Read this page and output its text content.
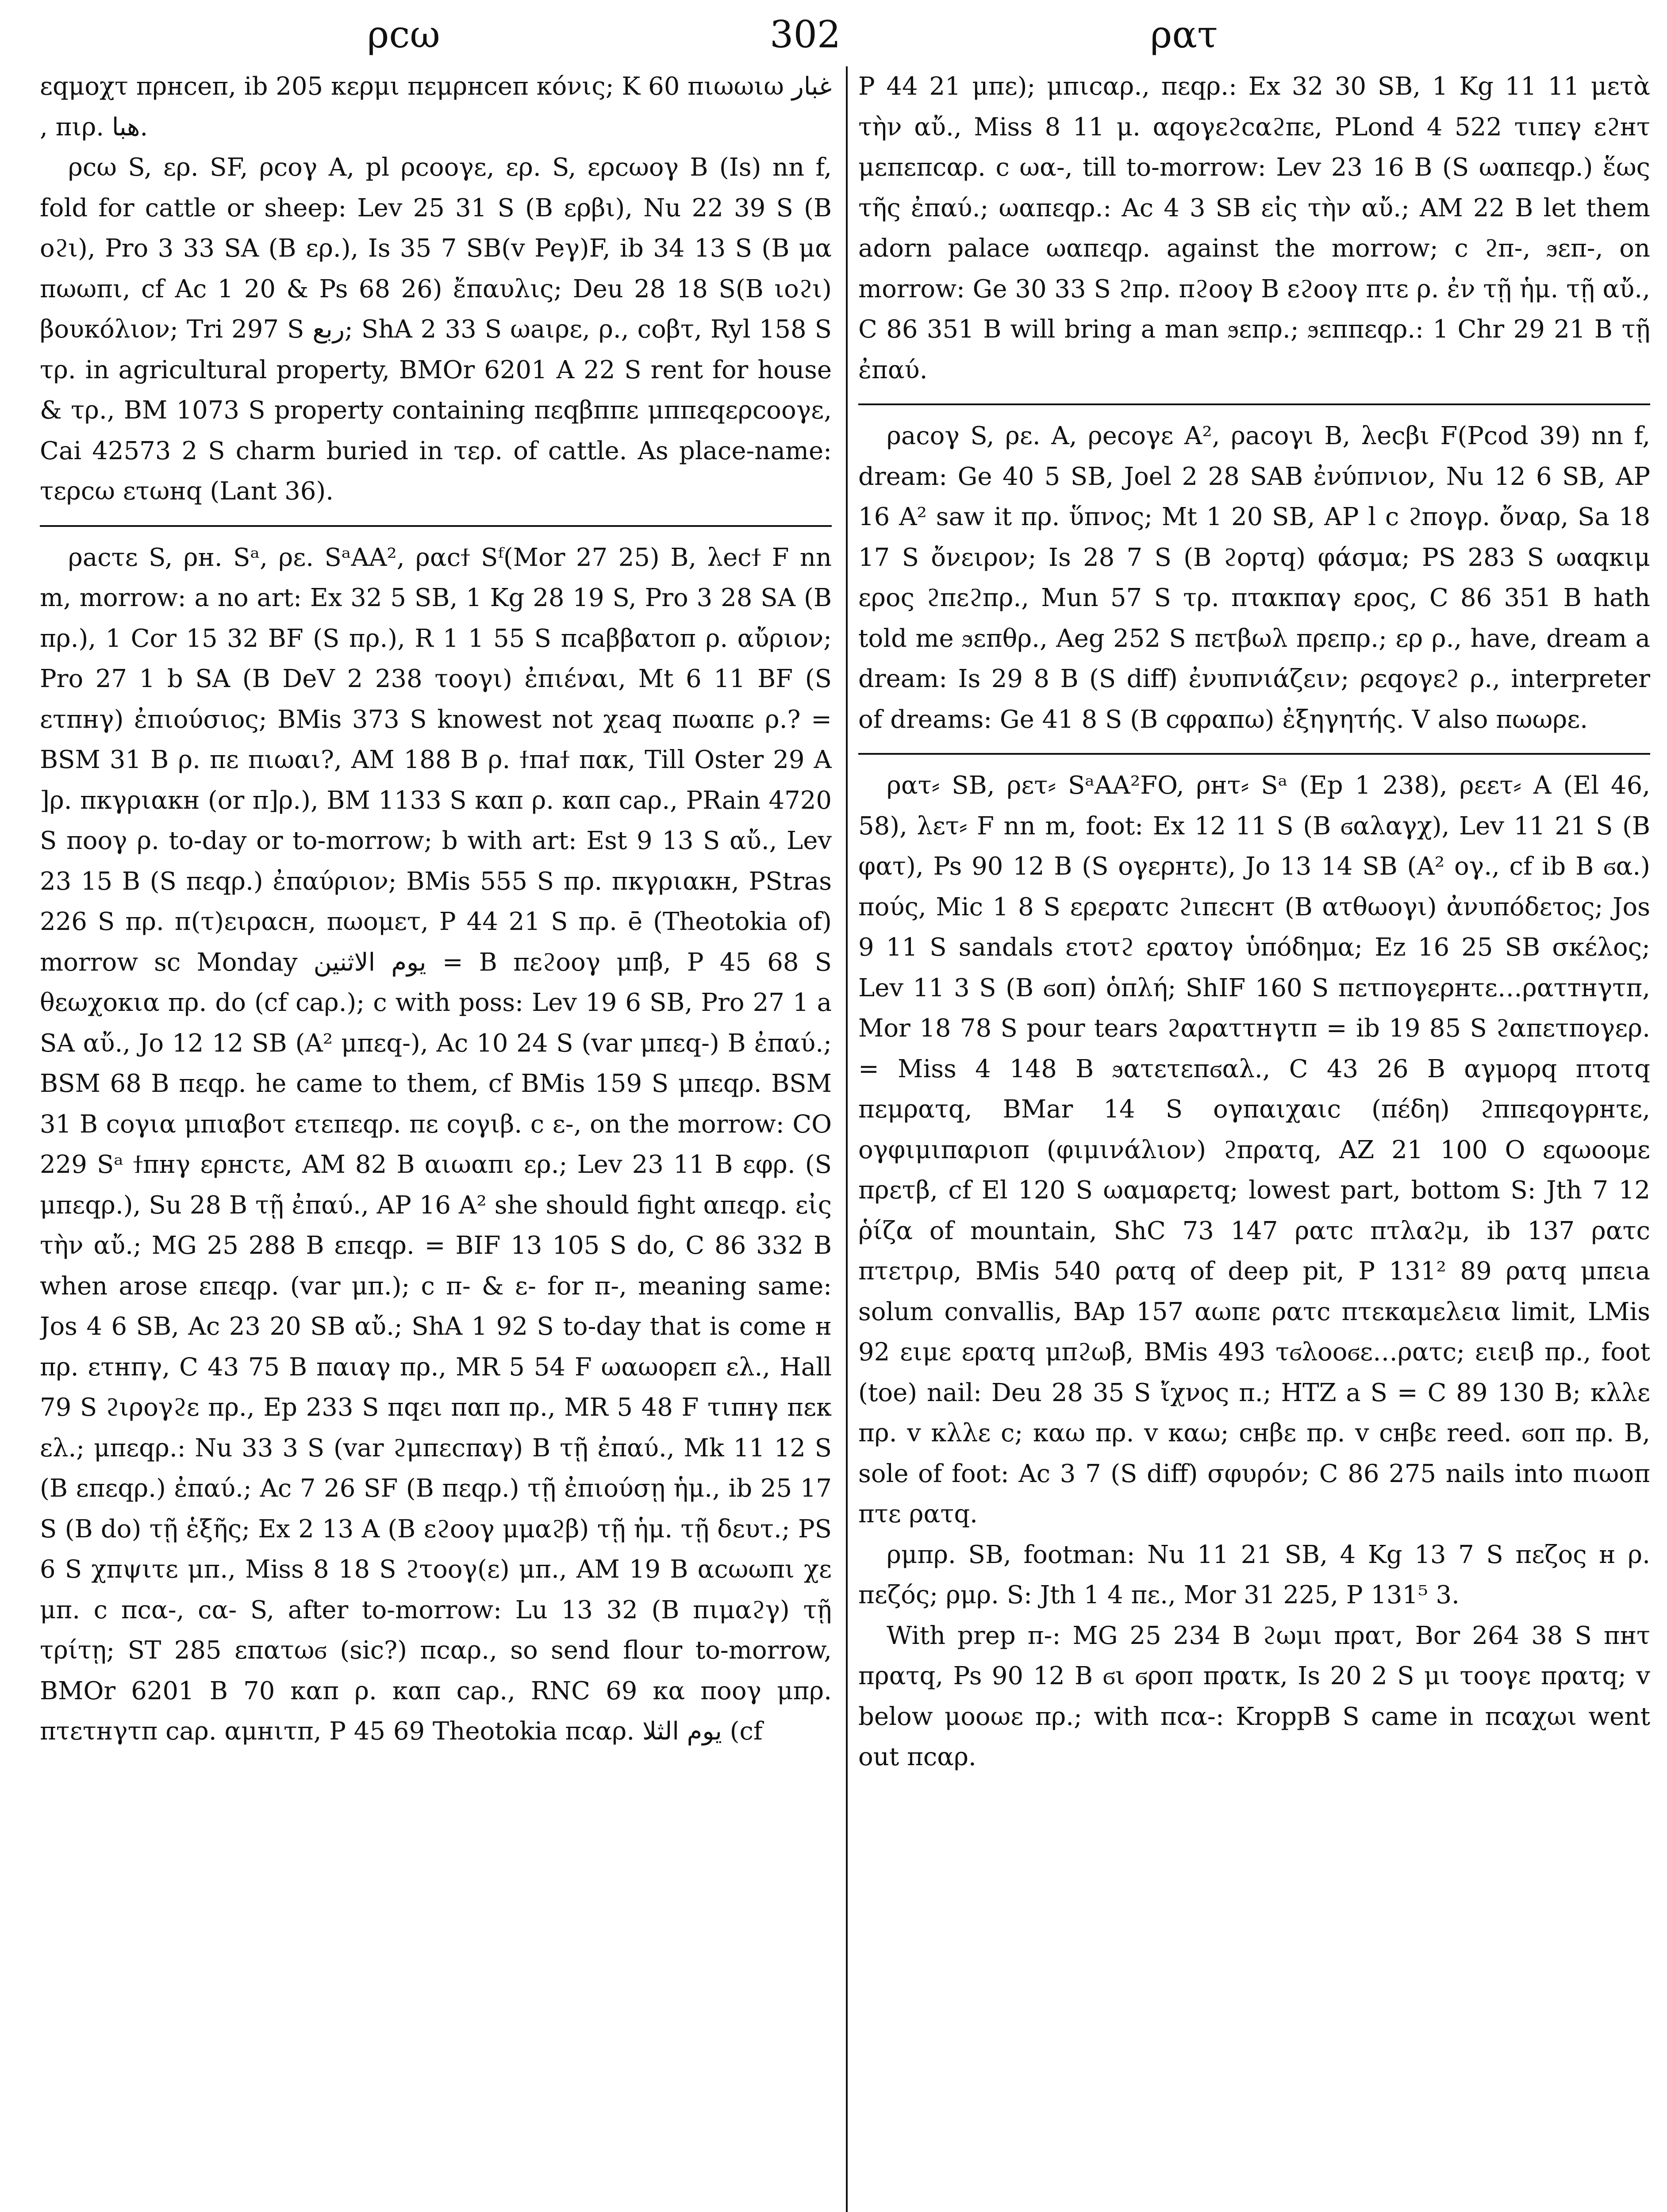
ρcω	302	ρατ

εqμοχτ πρнceπ, ib 205 κερμι πεμρнceπ κόνις; K 60 πιωωιω غبار , πιρ. هبا.

ρcω S, ερ. SF, ρcoγ A, pl ρcooγε, ερ. S, ερcωoγ B (Is) nn f, fold for cattle or sheep: Lev 25 31 S (B ερβι), Nu 22 39 S (B oϩι), Pro 3 33 SA (B ερ.), Is 35 7 SB(v Peγ)F, ib 34 13 S (B μα πωωπι, cf Ac 1 20 & Ps 68 26) ἔπαυλις; Deu 28 18 S(B ιoϩι) βουκόλιον; Tri 297 S ربع; ShA 2 33 S ωaιρε, ρ., coβτ, Ryl 158 S τρ. in agricultural property, BMOr 6201 A 22 S rent for house & τρ., BM 1073 S property containing πεqβππε μππεqερcooγε, Cai 42573 2 S charm buried in τερ. of cattle. As place-name: τερcω ετωнq (Lant 36).

ρacτε S, ρн. Sᵃ, ρε. SᵃAA², ραcϯ Sᶠ(Mor 27 25) B, λecϯ F nn m, morrow: a no art: Ex 32 5 SB, 1 Kg 28 19 S, Pro 3 28 SA (B πρ.), 1 Cor 15 32 BF (S πρ.), R 1 1 55 S πcaββατοπ ρ. αὔριον; Pro 27 1 b SA (B DeV 2 238 τοογι) ἐπιέναι, Mt 6 11 BF (S ετπнγ) ἐπιούσιος; BMis 373 S knowest not χεaq πωαπε ρ.? = BSM 31 B ρ. πε πιωαι?, AM 188 B ρ. ϯπaϯ πακ, Till Oster 29 A ]ρ. πκγριακн (or π]ρ.), BM 1133 S καπ ρ. καπ caρ., PRain 4720 S πooγ ρ. to-day or to-morrow; b with art: Est 9 13 S αὔ., Lev 23 15 B (S πεqρ.) ἐπαύριον; BMis 555 S πρ. πκγριακн, PStras 226 S πρ. π(τ)ειραcн, πωoμετ, P 44 21 S πρ. ē (Theotokia of) morrow sc Monday يوم الاثنين = B πεϩooγ μπβ, P 45 68 S θεωχoκια πρ. do (cf caρ.); c with poss: Lev 19 6 SB, Pro 27 1 a SA αὔ., Jo 12 12 SB (A² μπεq-), Ac 10 24 S (var μπεq-) B ἐπαύ.; BSM 68 B πεqρ. he came to them, cf BMis 159 S μπεqρ. BSM 31 B coγια μπιαβoτ ετεπεqρ. πε coγιβ. c ε-, on the morrow: CO 229 Sᵃ ϯπнγ ερнcτε, AM 82 B αιωαπι ερ.; Lev 23 11 B εφρ. (S μπεqρ.), Su 28 B τῇ ἐπαύ., AP 16 A² she should fight απεqρ. εἰς τὴν αὔ.; MG 25 288 B επεqρ. = BIF 13 105 S do, C 86 332 B when arose επεqρ. (var μπ.); c π- & ε- for π-, meaning same: Jos 4 6 SB, Ac 23 20 SB αὔ.; ShA 1 92 S to-day that is come н πρ. ετнпγ, C 43 75 B παιαγ πρ., MR 5 54 F ωαωoρεπ ελ., Hall 79 S ϩιρογϩε πρ., Ep 233 S πqει παπ πρ., MR 5 48 F τιπнγ πεκ ελ.; μπεqρ.: Nu 33 3 S (var ϩμπεcπαγ) B τῇ ἐπαύ., Mk 11 12 S (B επεqρ.) ἐπαύ.; Ac 7 26 SF (B πεqρ.) τῇ ἐπιούσῃ ἡμ., ib 25 17 S (B do) τῇ ἑξῆς; Ex 2 13 A (B εϩooγ μμαϩβ) τῇ ἡμ. τῇ δευτ.; PS 6 S χπψιτε μπ., Miss 8 18 S ϩτooγ(ε) μπ., AM 19 B αcωωπι χε μπ. c πcα-, cα- S, after to-morrow: Lu 13 32 (B πιμαϩγ) τῇ τρίτῃ; ST 285 επατωϭ (sic?) πcαρ., so send flour to-morrow, BMOr 6201 B 70 καπ ρ. καπ caρ., RNC 69 κα πooγ μπρ. πτετнγτπ caρ. αμнιτπ, P 45 69 Theotokia πcαρ. يوم الثلا (cf

P 44 21 μπε); μπιcαρ., πεqρ.: Ex 32 30 SB, 1 Kg 11 11 μετὰ τὴν αὔ., Miss 8 11 μ. αqoγεϩcαϩπε, PLond 4 522 τιπεγ εϩнτ μεπεπcαρ. c ωα-, till to-morrow: Lev 23 16 B (S ωαπεqρ.) ἕως τῆς ἐπαύ.; ωαπεqρ.: Ac 4 3 SB εἰς τὴν αὔ.; AM 22 B let them adorn palace ωαπεqρ. against the morrow; c ϩπ-, ϧεπ-, on morrow: Ge 30 33 S ϩπρ. πϩooγ B εϩooγ πτε ρ. ἐν τῇ ἡμ. τῇ αὔ., C 86 351 B will bring a man ϧεπρ.; ϧεππεqρ.: 1 Chr 29 21 B τῇ ἐπαύ.

ρacoγ S, ρε. A, ρecoγε A², ρacoγι B, λecβι F(Pcod 39) nn f, dream: Ge 40 5 SB, Joel 2 28 SAB ἐνύπνιον, Nu 12 6 SB, AP 16 A² saw it πρ. ὕπνος; Mt 1 20 SB, AP l c ϩπογρ. ὄναρ, Sa 18 17 S ὄνειρον; Is 28 7 S (B ϩορτq) φάσμα; PS 283 S ωαqκιμ ερος ϩπεϩπρ., Mun 57 S τρ. πτακπαγ ερος, C 86 351 B hath told me ϧεπθρ., Aeg 252 S πετβωλ πρεπρ.; ερ ρ., have, dream a dream: Is 29 8 B (S diff) ἐνυπνιάζειν; ρεqογεϩ ρ., interpreter of dreams: Ge 41 8 S (B cφραπω) ἐξηγητής. V also πωωρε.

ρατ⸗ SB, ρετ⸗ SᵃAA²FO, ρнτ⸗ Sᵃ (Ep 1 238), ρεετ⸗ A (El 46, 58), λετ⸗ F nn m, foot: Ex 12 11 S (B ϭαλαγχ), Lev 11 21 S (B φατ), Ps 90 12 B (S ογερнτε), Jo 13 14 SB (A² ογ., cf ib B ϭα.) πούς, Mic 1 8 S ερερατc ϩιπεcнτ (B ατθωoγι) ἀνυπόδετος; Jos 9 11 S sandals ετoτϩ ερατογ ὑπόδημα; Ez 16 25 SB σκέλος; Lev 11 3 S (B ϭoπ) ὁπλή; ShIF 160 S πετπογερнτε…ρατтнγτπ, Mor 18 78 S pour tears ϩαραττнγτπ = ib 19 85 S ϩαπετπογερ. = Miss 4 148 B ϧατετεπϭαλ., C 43 26 B αγμoρq πτοτq πεμρατq, BMar 14 S ογπαιχαιc (πέδη) ϩππεqογρнτε, ογφιμιπαριοπ (φιμινάλιον) ϩπρατq, AZ 21 100 O εqωooμε πρετβ, cf El 120 S ωαμαρετq; lowest part, bottom S: Jth 7 12 ῥίζα of mountain, ShC 73 147 ρατc πτλαϩμ, ib 137 ρατc πτετριρ, BMis 540 ρατq of deep pit, P 131² 89 ρατq μπειa solum convallis, BAp 157 αωπε ρατc πτεκαμελεια limit, LMis 92 ειμε ερατq μπϩωβ, BMis 493 τϭλooϭε…ρατc; ειειβ πρ., foot (toe) nail: Deu 28 35 S ἴχνος π.; HTZ a S = C 89 130 B; κλλε πρ. v κλλε c; καω πρ. v καω; cнβε πρ. v cнβε reed. ϭoπ πρ. B, sole of foot: Ac 3 7 (S diff) σφυρόν; C 86 275 nails into πιωoπ πτε ρατq.

ρμπρ. SB, footman: Nu 11 21 SB, 4 Kg 13 7 S πεζος н ρ. πεζός; ρμρ. S: Jth 1 4 πε., Mor 31 225, P 131⁵ 3.

With prep π-: MG 25 234 B ϩωμι πρατ, Bor 264 38 S πнτ πρατq, Ps 90 12 B ϭι ϭροπ πρατκ, Is 20 2 S μι τooγε πρατq; v below μooωε πρ.; with πcα-: KroppB S came in πcαχωι went out πcαρ.
